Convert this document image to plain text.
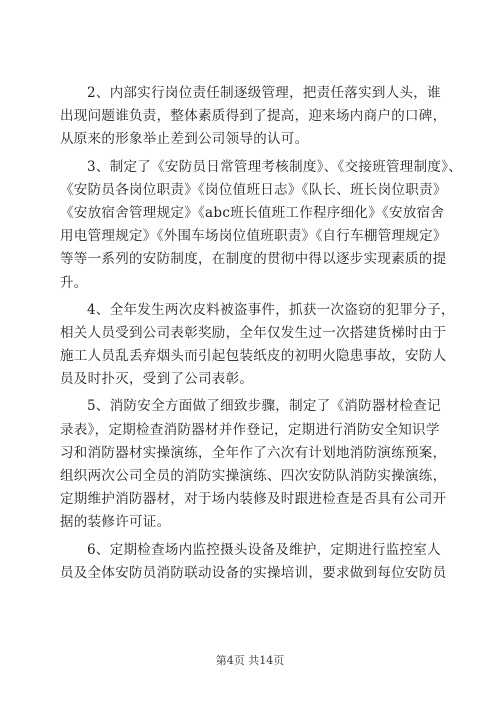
2、内部实行岗位责任制逐级管理，把责任落实到人头，谁
出现问题谁负责，整体素质得到了提高，迎来场内商户的口碑，
从原来的形象举止差到公司领导的认可。
3、制定了《安防员日常管理考核制度》、《交接班管理制度》、
《安防员各岗位职责》《岗位值班日志》《队长、班长岗位职责》
《安放宿舍管理规定》《abc班长值班工作程序细化》《安放宿舍
用电管理规定》《外围车场岗位值班职责》《自行车棚管理规定》
等等一系列的安防制度，在制度的贯彻中得以逐步实现素质的提
升。
4、全年发生两次皮料被盗事件，抓获一次盗窃的犯罪分子，
相关人员受到公司表彰奖励，全年仅发生过一次搭建货梯时由于
施工人员乱丢弃烟头而引起包装纸皮的初明火隐患事故，安防人
员及时扑灭，受到了公司表彰。
5、消防安全方面做了细致步骤，制定了《消防器材检查记
录表》，定期检查消防器材并作登记，定期进行消防安全知识学
习和消防器材实操演练，全年作了六次有计划地消防演练预案，
组织两次公司全员的消防实操演练、四次安防队消防实操演练，
定期维护消防器材，对于场内装修及时跟进检查是否具有公司开
据的装修许可证。
6、定期检查场内监控摄头设备及维护，定期进行监控室人
员及全体安防员消防联动设备的实操培训，要求做到每位安防员
第4页 共14页
